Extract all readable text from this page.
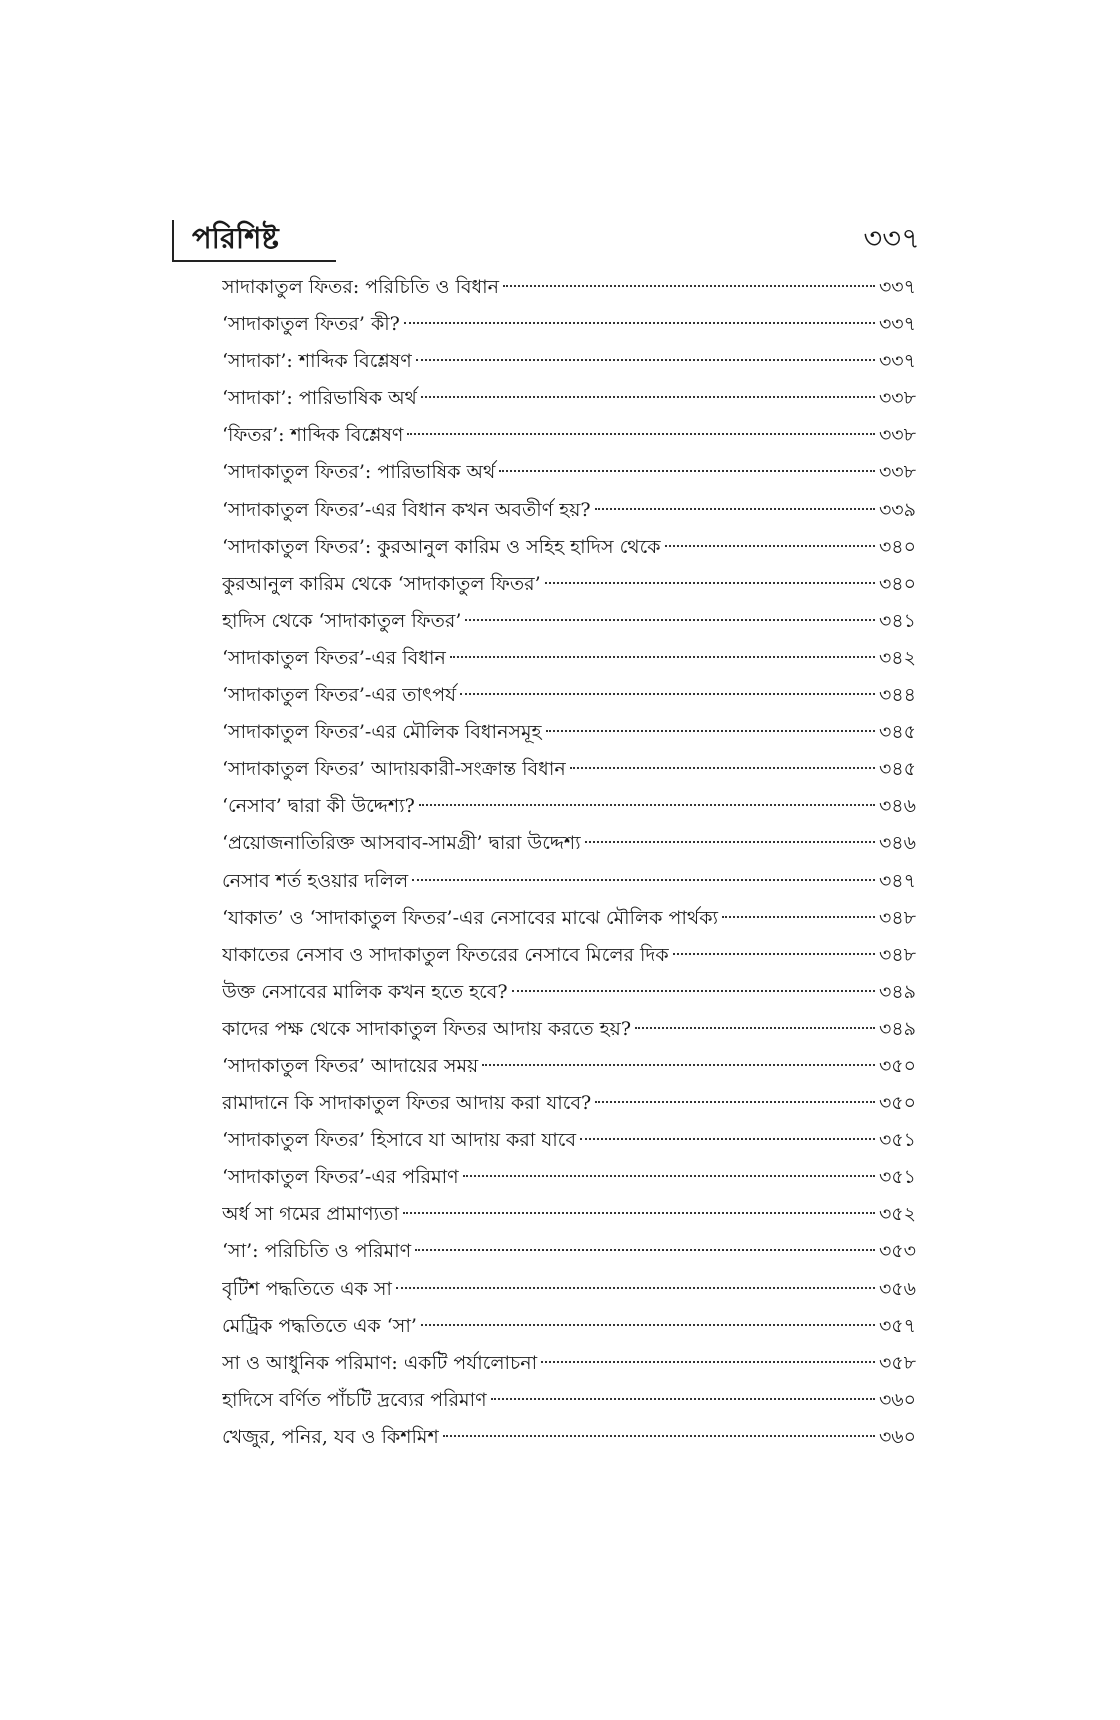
পরিশিষ্ট	৩৩৭
সাদাকাতুল ফিতর: পরিচিতি ও বিধান	৩৩৭
‘সাদাকাতুল ফিতর’ কী?	৩৩৭
‘সাদাকা’: শাব্দিক বিশ্লেষণ	৩৩৭
‘সাদাকা’: পারিভাষিক অর্থ	৩৩৮
‘ফিতর’: শাব্দিক বিশ্লেষণ	৩৩৮
‘সাদাকাতুল ফিতর’: পারিভাষিক অর্থ	৩৩৮
‘সাদাকাতুল ফিতর’-এর বিধান কখন অবতীর্ণ হয়?	৩৩৯
‘সাদাকাতুল ফিতর’: কুরআনুল কারিম ও সহিহ হাদিস থেকে	৩৪০
কুরআনুল কারিম থেকে ‘সাদাকাতুল ফিতর’	৩৪০
হাদিস থেকে ‘সাদাকাতুল ফিতর’	৩৪১
‘সাদাকাতুল ফিতর’-এর বিধান	৩৪২
‘সাদাকাতুল ফিতর’-এর তাৎপর্য	৩৪৪
‘সাদাকাতুল ফিতর’-এর মৌলিক বিধানসমূহ	৩৪৫
‘সাদাকাতুল ফিতর’ আদায়কারী-সংক্রান্ত বিধান	৩৪৫
‘নেসাব’ দ্বারা কী উদ্দেশ্য?	৩৪৬
‘প্রয়োজনাতিরিক্ত আসবাব-সামগ্রী’ দ্বারা উদ্দেশ্য	৩৪৬
নেসাব শর্ত হওয়ার দলিল	৩৪৭
‘যাকাত’ ও ‘সাদাকাতুল ফিতর’-এর নেসাবের মাঝে মৌলিক পার্থক্য	৩৪৮
যাকাতের নেসাব ও সাদাকাতুল ফিতরের নেসাবে মিলের দিক	৩৪৮
উক্ত নেসাবের মালিক কখন হতে হবে?	৩৪৯
কাদের পক্ষ থেকে সাদাকাতুল ফিতর আদায় করতে হয়?	৩৪৯
‘সাদাকাতুল ফিতর’ আদায়ের সময়	৩৫০
রামাদানে কি সাদাকাতুল ফিতর আদায় করা যাবে?	৩৫০
‘সাদাকাতুল ফিতর’ হিসাবে যা আদায় করা যাবে	৩৫১
‘সাদাকাতুল ফিতর’-এর পরিমাণ	৩৫১
অর্ধ সা গমের প্রামাণ্যতা	৩৫২
‘সা’: পরিচিতি ও পরিমাণ	৩৫৩
বৃটিশ পদ্ধতিতে এক সা	৩৫৬
মেট্রিক পদ্ধতিতে এক ‘সা’	৩৫৭
সা ও আধুনিক পরিমাণ: একটি পর্যালোচনা	৩৫৮
হাদিসে বর্ণিত পাঁচটি দ্রব্যের পরিমাণ	৩৬০
খেজুর, পনির, যব ও কিশমিশ	৩৬০
